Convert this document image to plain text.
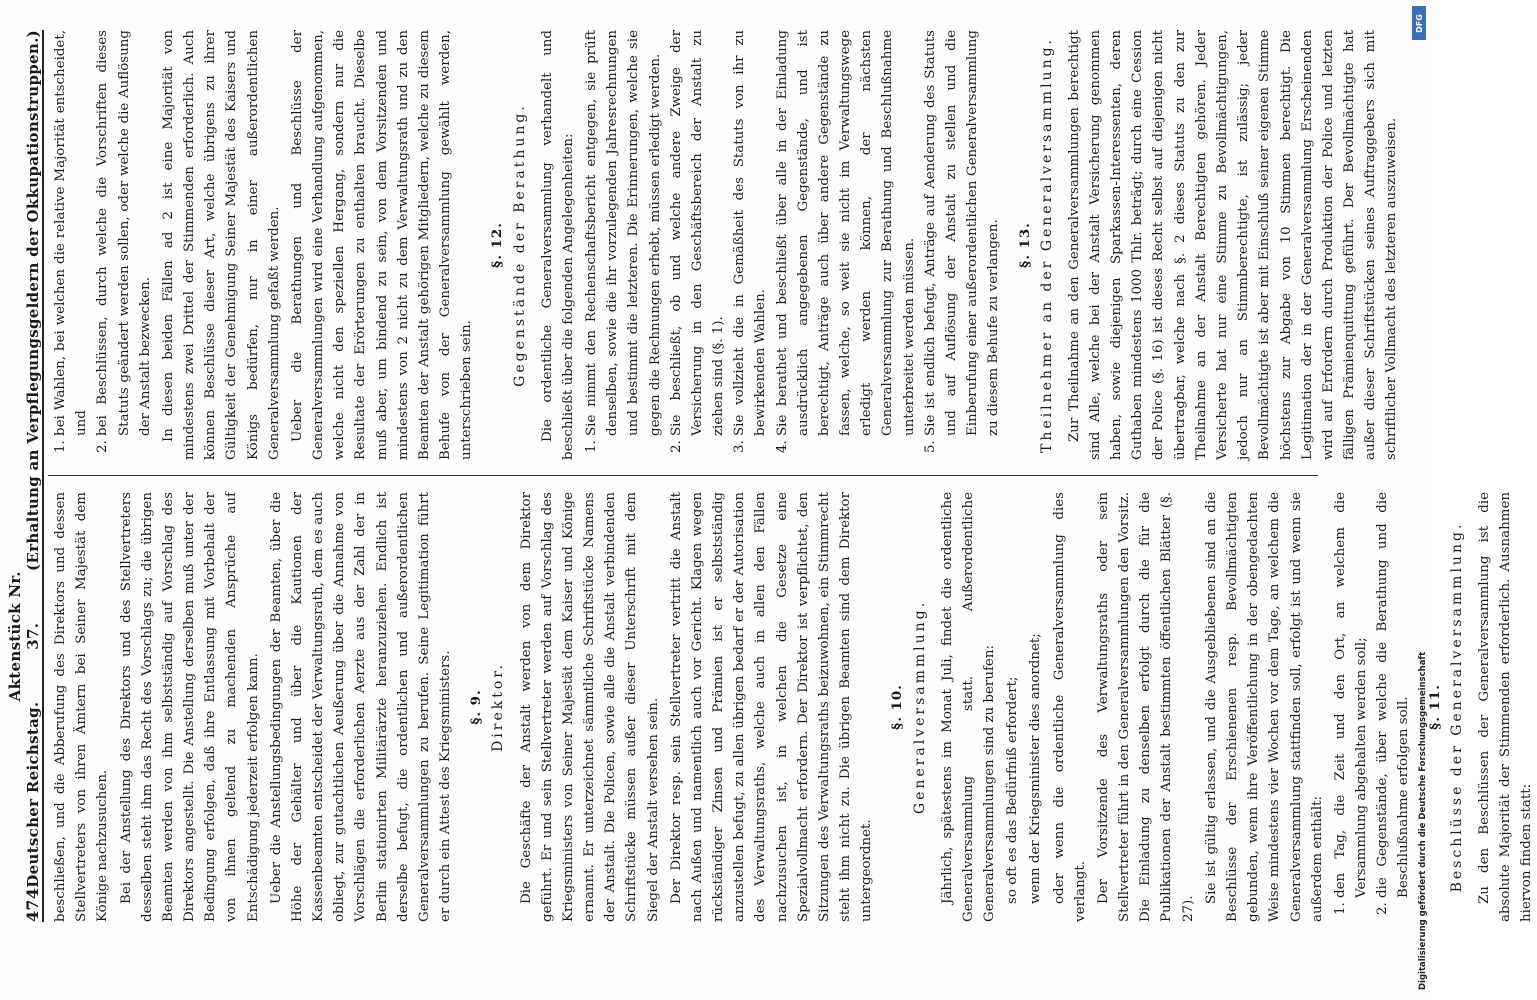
474
Deutscher Reichstag.
Aktenstück Nr. 37.
(Erhaltung an Verpflegungsgeldern der Okkupationstruppen.)

beschließen, und die Abberufung des Direktors und dessen Stellvertreters von ihren Ämtern bei Seiner Majestät dem Könige nachzusuchen. Bei der Anstellung des Direktors und des Stellvertreters desselben steht ihm das Recht des Vorschlags zu; die übrigen Beamten werden von ihm selbstständig auf Vorschlag des Direktors angestellt. Die Anstellung derselben muß unter der Bedingung erfolgen, daß ihre Entlassung mit Vorbehalt der von ihnen geltend zu machenden Ansprüche auf Entschädigung jederzeit erfolgen kann. Ueber die Anstellungsbedingungen der Beamten, über die Höhe der Gehälter und über die Kautionen der Kassenbeamten entscheidet der Verwaltungsrath, dem es auch obliegt, zur gutachtlichen Aeußerung über die Annahme von Vorschlägen die erforderlichen Aerzte aus der Zahl der in Berlin stationirten Militärärzte heranzuziehen. Endlich ist derselbe befugt, die ordentlichen und außerordentlichen Generalversammlungen zu berufen. Seine Legitimation führt er durch ein Attest des Kriegsministers. §. 9. Direktor. Die Geschäfte der Anstalt werden von dem Direktor geführt. Er und sein Stellvertreter werden auf Vorschlag des Kriegsministers von Seiner Majestät dem Kaiser und Könige ernannt. Er unterzeichnet sämmtliche Schriftstücke Namens der Anstalt. Die Policen, sowie alle die Anstalt verbindenden Schriftstücke müssen außer dieser Unterschrift mit dem Siegel der Anstalt versehen sein. Der Direktor resp. sein Stellvertreter vertritt die Anstalt nach Außen und namentlich auch vor Gericht. Klagen wegen rückständiger Zinsen und Prämien ist er selbstständig anzustellen befugt, zu allen übrigen bedarf er der Autorisation des Verwaltungsraths, welche auch in allen den Fällen nachzusuchen ist, in welchen die Gesetze eine Spezialvollmacht erfordern. Der Direktor ist verpflichtet, den Sitzungen des Verwaltungsraths beizuwohnen, ein Stimmrecht steht ihm nicht zu. Die übrigen Beamten sind dem Direktor untergeordnet.

§. 10. Generalversammlung. Jährlich, spätestens im Monat Juli, findet die ordentliche Generalversammlung statt. Außerordentliche Generalversammlungen sind zu berufen: so oft es das Bedürfniß erfordert; wenn der Kriegsminister dies anordnet; oder wenn die ordentliche Generalversammlung dies verlangt. Der Vorsitzende des Verwaltungsraths oder sein Stellvertreter führt in den Generalversammlungen den Vorsitz. Die Einladung zu denselben erfolgt durch die für die Publikationen der Anstalt bestimmten öffentlichen Blätter (§. 27).

Sie ist gültig erlassen, und die Ausgebliebenen sind an die Beschlüsse der Erschienenen resp. Bevollmächtigten gebunden, wenn ihre Veröffentlichung in der obengedachten Weise mindestens vier Wochen vor dem Tage, an welchem die Generalversammlung stattfinden soll, erfolgt ist und wenn sie außerdem enthält: 1. den Tag, die Zeit und den Ort, an welchem die Versammlung abgehalten werden soll; 2. die Gegenstände, über welche die Berathung und die Beschlußnahme erfolgen soll. §. 11. Beschlüsse der Generalversammlung. Zu den Beschlüssen der Generalversammlung ist die absolute Majorität der Stimmenden erforderlich. Ausnahmen hiervon finden statt:

1. bei Wahlen, bei welchen die relative Majorität entscheidet, und 2. bei Beschlüssen, durch welche die Vorschriften dieses Statuts geändert werden sollen, oder welche die Auflösung der Anstalt bezwecken. In diesen beiden Fällen ad 2 ist eine Majorität von mindestens zwei Drittel der Stimmenden erforderlich. Auch können Beschlüsse dieser Art, welche übrigens zu ihrer Gültigkeit der Genehmigung Seiner Majestät des Kaisers und Königs bedürfen, nur in einer außerordentlichen Generalversammlung gefaßt werden. Ueber die Berathungen und Beschlüsse der Generalversammlungen wird eine Verhandlung aufgenommen, welche nicht den speziellen Hergang, sondern nur die Resultate der Erörterungen zu enthalten braucht. Dieselbe muß aber, um bindend zu sein, von dem Vorsitzenden und mindestens von 2 nicht zu dem Verwaltungsrath und zu den Beamten der Anstalt gehörigen Mitgliedern, welche zu diesem Behufe von der Generalversammlung gewählt werden, unterschrieben sein.

§. 12. Gegenstände der Berathung. Die ordentliche Generalversammlung verhandelt und beschließt über die folgenden Angelegenheiten: 1. Sie nimmt den Rechenschaftsbericht entgegen, sie prüft denselben, sowie die ihr vorzulegenden Jahresrechnungen und bestimmt die letzteren. Die Erinnerungen, welche sie gegen die Rechnungen erhebt, müssen erledigt werden. 2. Sie beschließt, ob und welche andere Zweige der Versicherung in den Geschäftsbereich der Anstalt zu ziehen sind (§. 1). 3. Sie vollzieht die in Gemäßheit des Statuts von ihr zu bewirkenden Wahlen. 4. Sie berathet und beschließt über alle in der Einladung ausdrücklich angegebenen Gegenstände, und ist berechtigt, Anträge auch über andere Gegenstände zu fassen, welche, so weit sie nicht im Verwaltungswege erledigt werden können, der nächsten Generalversammlung zur Berathung und Beschlußnahme unterbreitet werden müssen. 5. Sie ist endlich befugt, Anträge auf Aenderung des Statuts und auf Auflösung der Anstalt zu stellen und die Einberufung einer außerordentlichen Generalversammlung zu diesem Behufe zu verlangen. §. 13. Theilnehmer an der Generalversammlung. Zur Theilnahme an den Generalversammlungen berechtigt sind Alle, welche bei der Anstalt Versicherung genommen haben, sowie diejenigen Sparkassen-Interessenten, deren Guthaben mindestens 1000 Thlr. beträgt; durch eine Cession der Police (§. 16) ist dieses Recht selbst auf diejenigen nicht übertragbar, welche nach §. 2 dieses Statuts zu den zur Theilnahme an der Anstalt Berechtigten gehören. Jeder Versicherte hat nur eine Stimme zu Bevollmächtigungen, jedoch nur an Stimmberechtigte, ist zulässig; jeder Bevollmächtigte ist aber mit Einschluß seiner eigenen Stimme höchstens zur Abgabe von 10 Stimmen berechtigt. Die Legitimation der in der Generalversammlung Erscheinenden wird auf Erfordern durch Produktion der Police und letzten fälligen Prämienquittung geführt. Der Bevollmächtigte hat außer dieser Schriftstücken seines Auftraggebers sich mit schriftlicher Vollmacht des letzteren auszuweisen.

Digitalisierung gefördert durch die Deutsche Forschungsgemeinschaft
DFG
